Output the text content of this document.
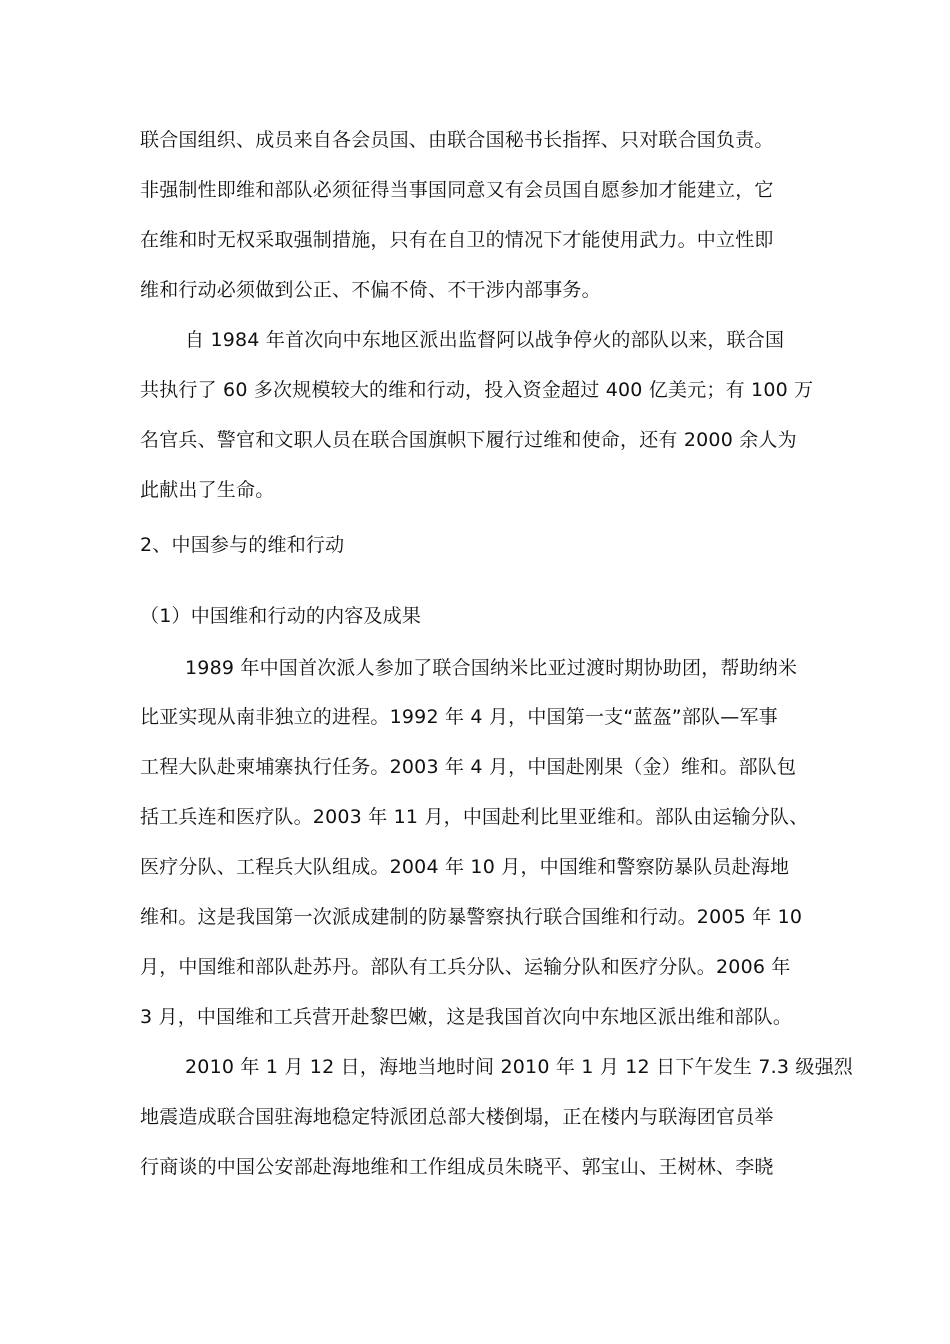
联合国组织、成员来自各会员国、由联合国秘书长指挥、只对联合国负责。
非强制性即维和部队必须征得当事国同意又有会员国自愿参加才能建立，它
在维和时无权采取强制措施，只有在自卫的情况下才能使用武力。中立性即
维和行动必须做到公正、不偏不倚、不干涉内部事务。
自 1984 年首次向中东地区派出监督阿以战争停火的部队以来，联合国
共执行了 60 多次规模较大的维和行动，投入资金超过 400 亿美元；有 100 万
名官兵、警官和文职人员在联合国旗帜下履行过维和使命，还有 2000 余人为
此献出了生命。
2、中国参与的维和行动
（1）中国维和行动的内容及成果
1989 年中国首次派人参加了联合国纳米比亚过渡时期协助团，帮助纳米
比亚实现从南非独立的进程。1992 年 4 月，中国第一支“蓝盔”部队—军事
工程大队赴柬埔寨执行任务。2003 年 4 月，中国赴刚果（金）维和。部队包
括工兵连和医疗队。2003 年 11 月，中国赴利比里亚维和。部队由运输分队、
医疗分队、工程兵大队组成。2004 年 10 月，中国维和警察防暴队员赴海地
维和。这是我国第一次派成建制的防暴警察执行联合国维和行动。2005 年 10
月，中国维和部队赴苏丹。部队有工兵分队、运输分队和医疗分队。2006 年
3 月，中国维和工兵营开赴黎巴嫩，这是我国首次向中东地区派出维和部队。
2010 年 1 月 12 日，海地当地时间 2010 年 1 月 12 日下午发生 7.3 级强烈
地震造成联合国驻海地稳定特派团总部大楼倒塌，正在楼内与联海团官员举
行商谈的中国公安部赴海地维和工作组成员朱晓平、郭宝山、王树林、李晓
